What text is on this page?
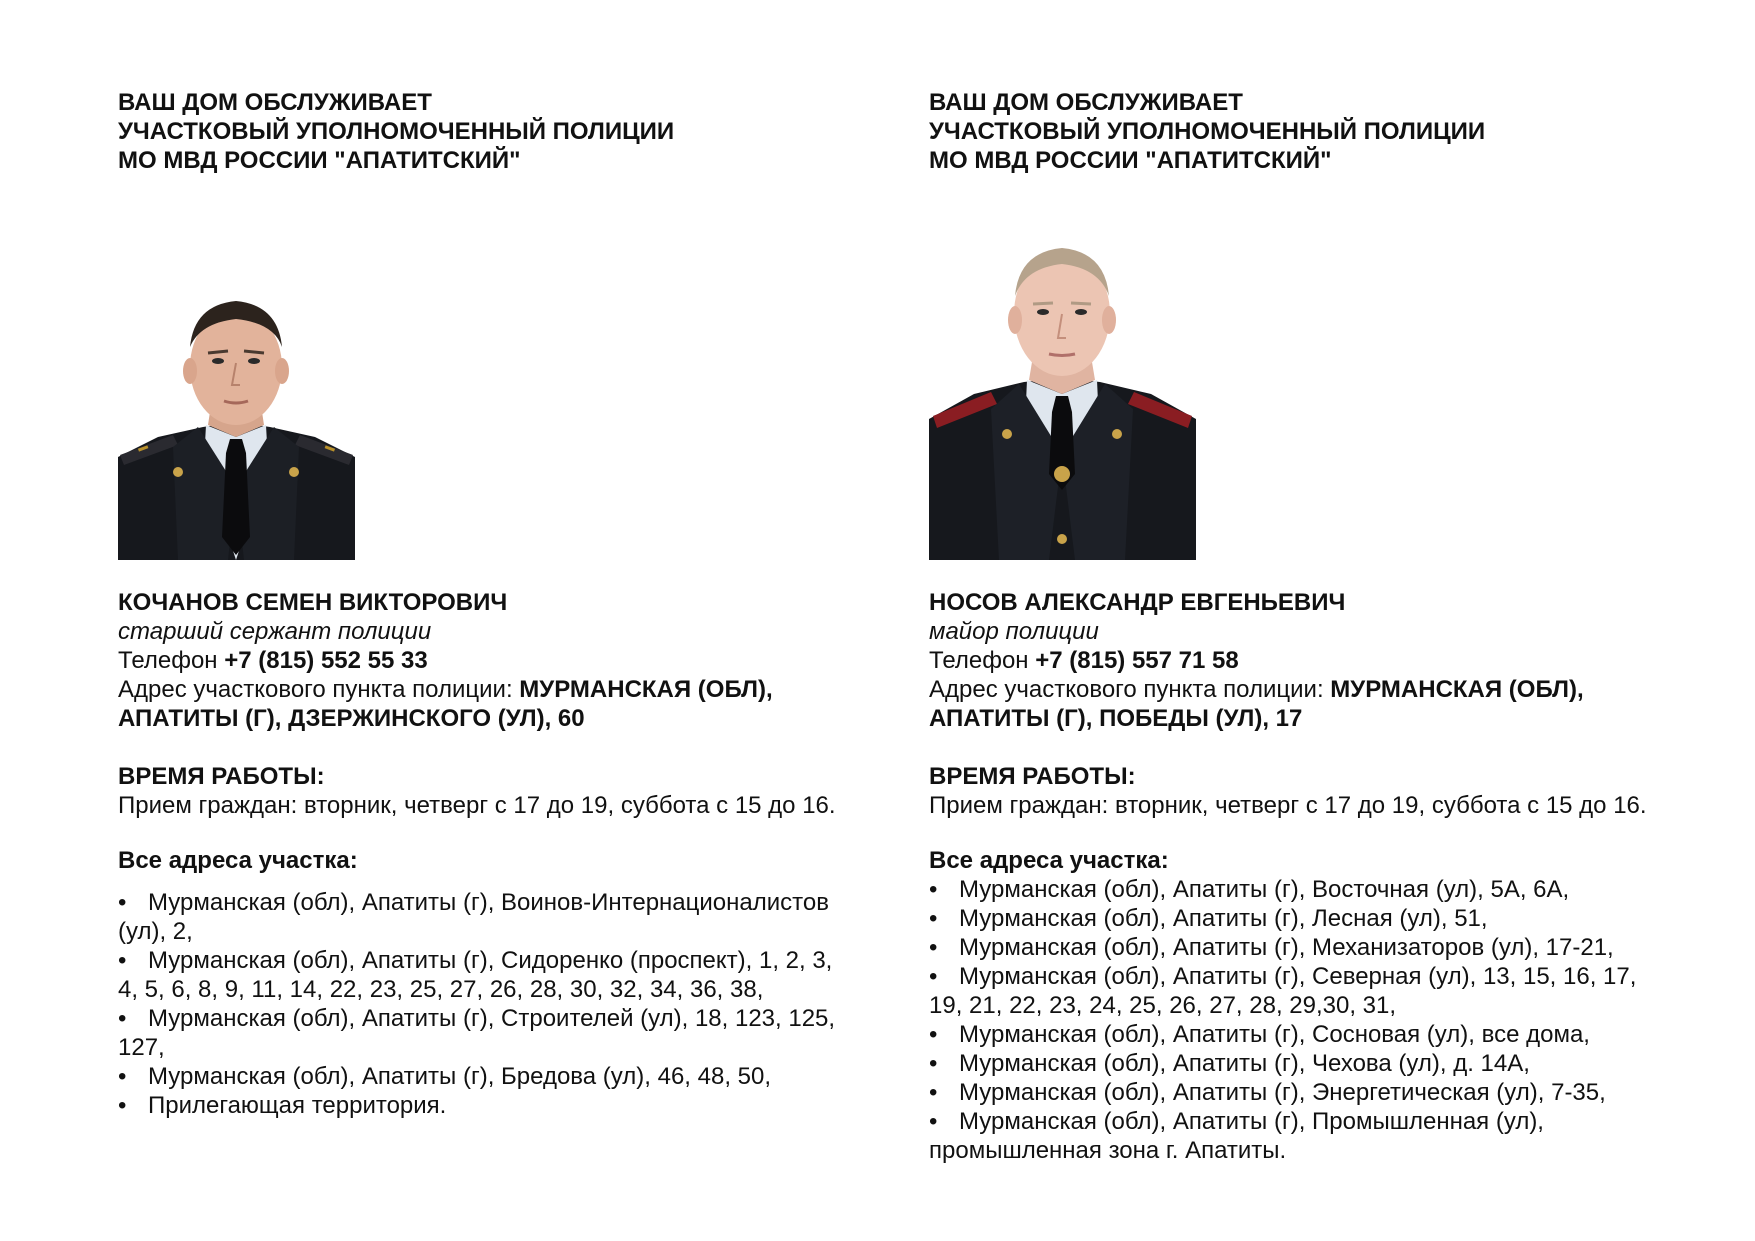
ВАШ ДОМ ОБСЛУЖИВАЕТ
УЧАСТКОВЫЙ УПОЛНОМОЧЕННЫЙ ПОЛИЦИИ
МО МВД РОССИИ "АПАТИТСКИЙ"
КОЧАНОВ СЕМЕН ВИКТОРОВИЧ
старший сержант полиции
Телефон +7 (815) 552 55 33
Адрес участкового пункта полиции: МУРМАНСКАЯ (ОБЛ),
АПАТИТЫ (Г), ДЗЕРЖИНСКОГО (УЛ), 60
ВРЕМЯ РАБОТЫ:
Прием граждан: вторник, четверг с 17 до 19, суббота с 15 до 16.
Все адреса участка:
• Мурманская (обл), Апатиты (г), Воинов-Интернационалистов
(ул), 2,
• Мурманская (обл), Апатиты (г), Сидоренко (проспект), 1, 2, 3,
4, 5, 6, 8, 9, 11, 14, 22, 23, 25, 27, 26, 28, 30, 32, 34, 36, 38,
• Мурманская (обл), Апатиты (г), Строителей (ул), 18, 123, 125,
127,
• Мурманская (обл), Апатиты (г), Бредова (ул), 46, 48, 50,
• Прилегающая территория.
ВАШ ДОМ ОБСЛУЖИВАЕТ
УЧАСТКОВЫЙ УПОЛНОМОЧЕННЫЙ ПОЛИЦИИ
МО МВД РОССИИ "АПАТИТСКИЙ"
НОСОВ АЛЕКСАНДР ЕВГЕНЬЕВИЧ
майор полиции
Телефон +7 (815) 557 71 58
Адрес участкового пункта полиции: МУРМАНСКАЯ (ОБЛ),
АПАТИТЫ (Г), ПОБЕДЫ (УЛ), 17
ВРЕМЯ РАБОТЫ:
Прием граждан: вторник, четверг с 17 до 19, суббота с 15 до 16.
Все адреса участка:
• Мурманская (обл), Апатиты (г), Восточная (ул), 5А, 6А,
• Мурманская (обл), Апатиты (г), Лесная (ул), 51,
• Мурманская (обл), Апатиты (г), Механизаторов (ул), 17-21,
• Мурманская (обл), Апатиты (г), Северная (ул), 13, 15, 16, 17,
19, 21, 22, 23, 24, 25, 26, 27, 28, 29,30, 31,
• Мурманская (обл), Апатиты (г), Сосновая (ул), все дома,
• Мурманская (обл), Апатиты (г), Чехова (ул), д. 14А,
• Мурманская (обл), Апатиты (г), Энергетическая (ул), 7-35,
• Мурманская (обл), Апатиты (г), Промышленная (ул),
промышленная зона г. Апатиты.
